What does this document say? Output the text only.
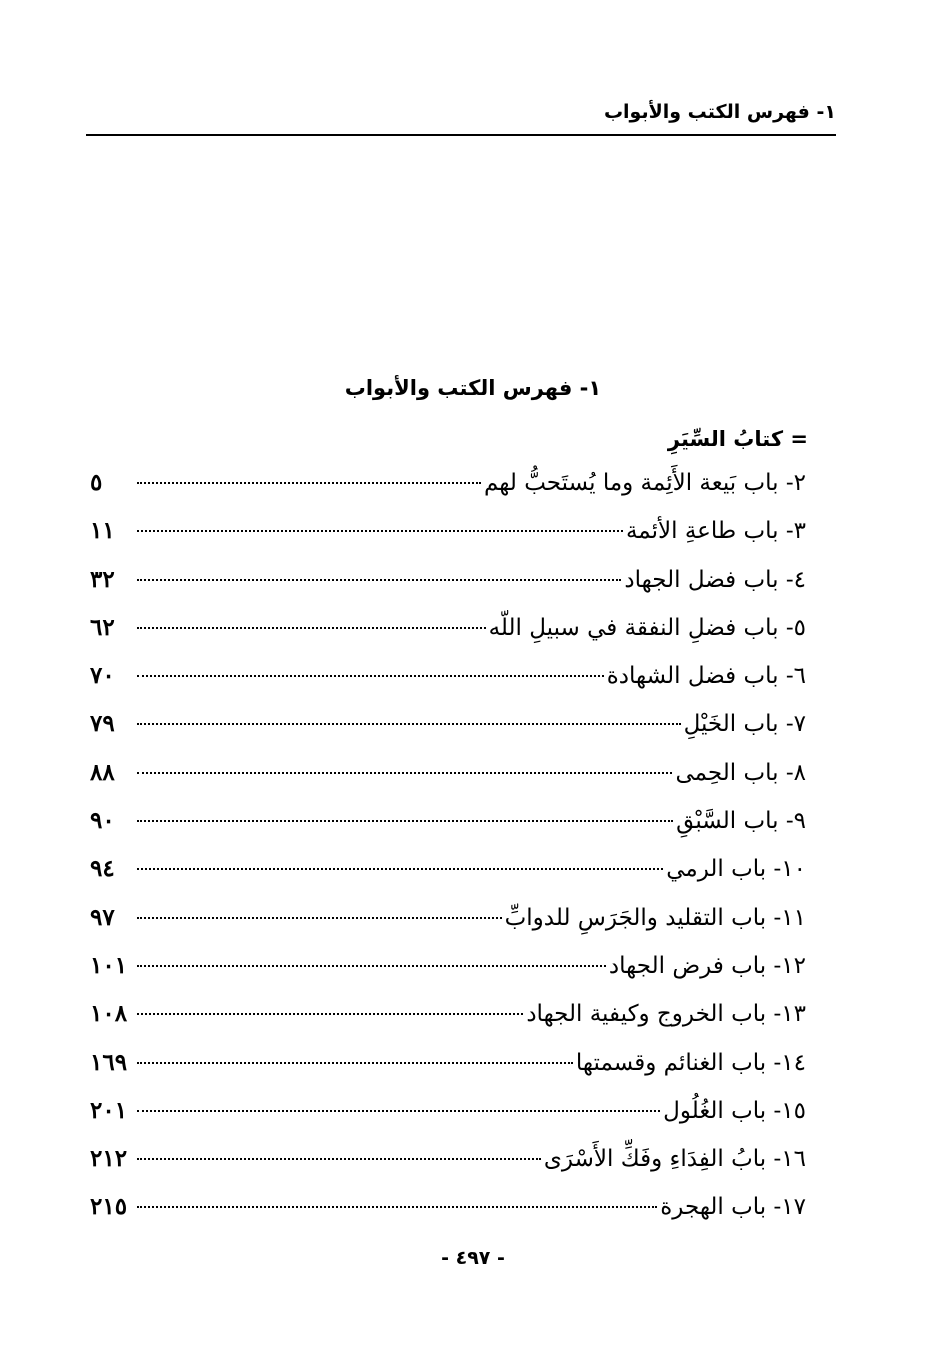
١- فهرس الكتب والأبواب
١- فهرس الكتب والأبواب
= كتابُ السِّيَرِ
٢- باب بَيعة الأَئِمة وما يُستَحبُّ لهم
٥
٣- باب طاعةِ الأئمة
١١
٤- باب فضل الجهاد
٣٢
٥- باب فضلِ النفقة في سبيلِ اللّه
٦٢
٦- باب فضل الشهادة
٧٠
٧- باب الخَيْلِ
٧٩
٨- باب الحِمى
٨٨
٩- باب السَّبْقِ
٩٠
١٠- باب الرمي
٩٤
١١- باب التقليد والجَرَسِ للدوابِّ
٩٧
١٢- باب فرض الجهاد
١٠١
١٣- باب الخروج وكيفية الجهاد
١٠٨
١٤- باب الغنائم وقسمتها
١٦٩
١٥- باب الغُلُول
٢٠١
١٦- بابُ الفِدَاءِ وفَكِّ الأَسْرَى
٢١٢
١٧- باب الهجرة
٢١٥
- ٤٩٧ -
